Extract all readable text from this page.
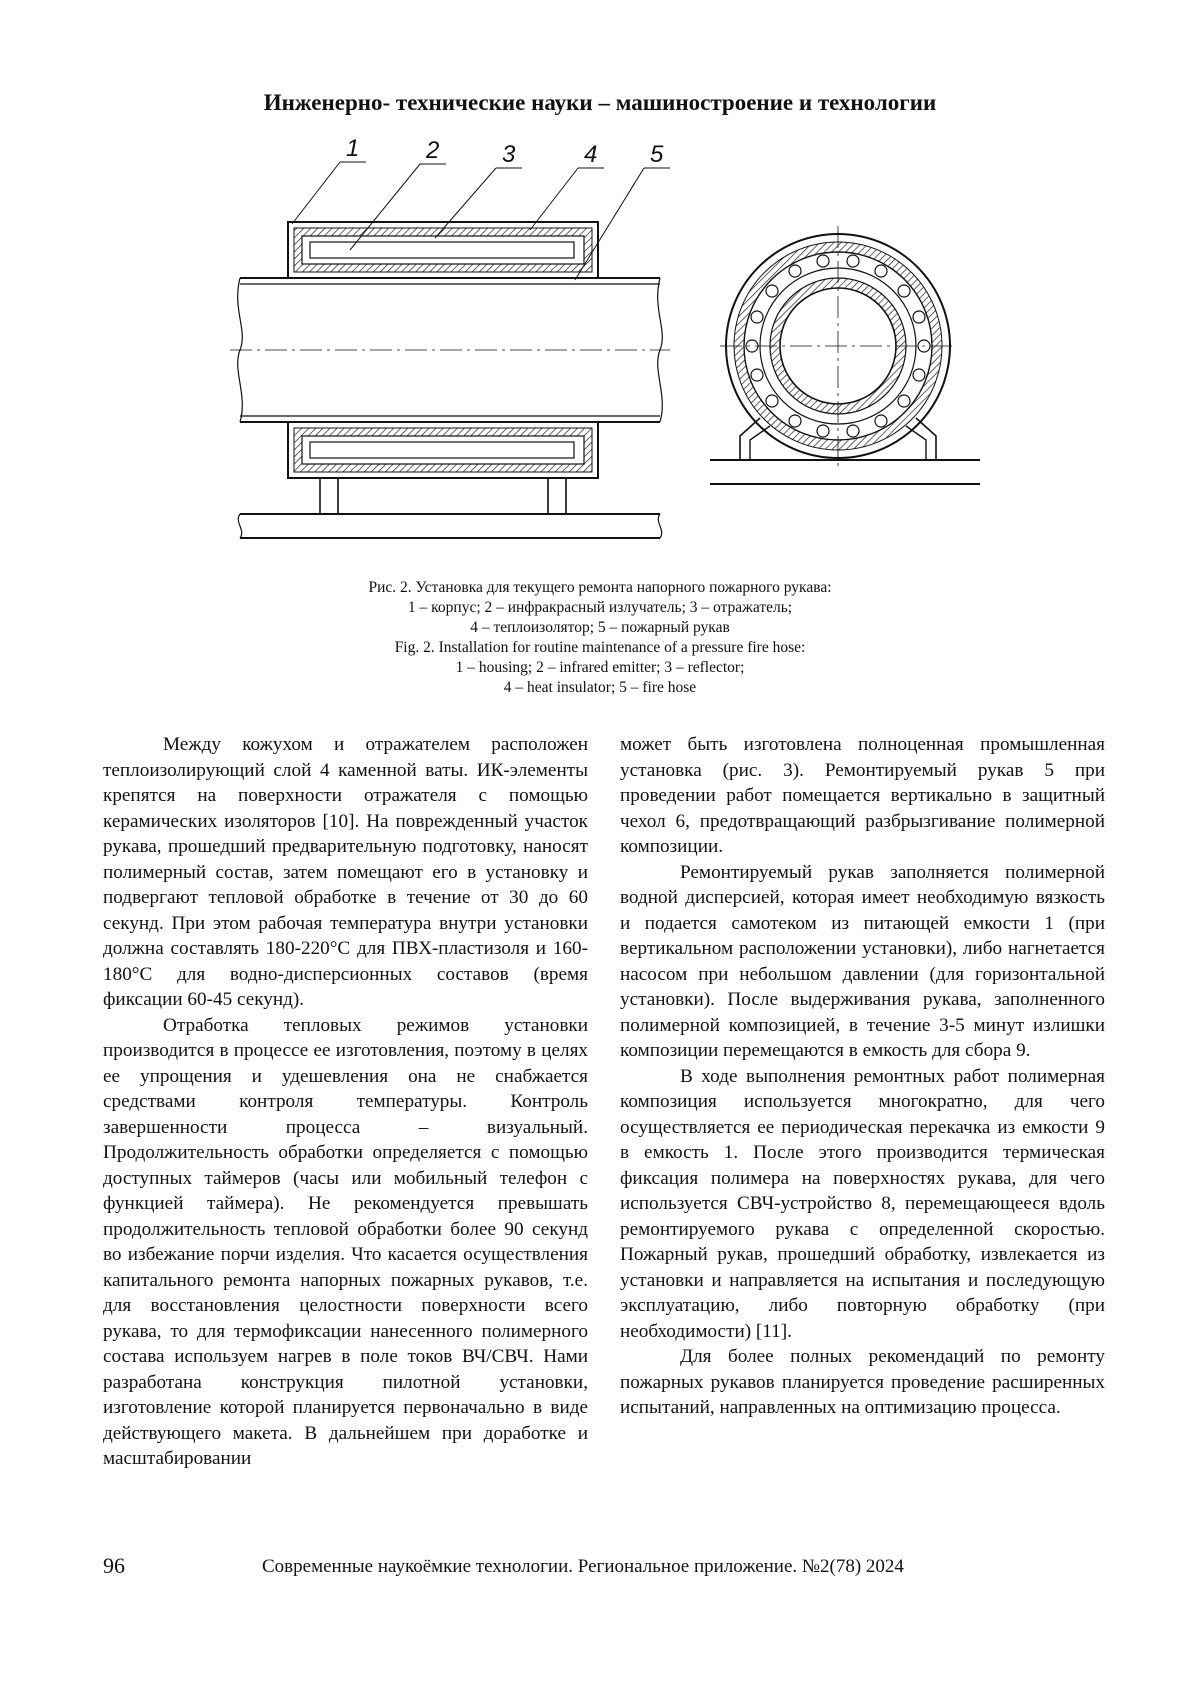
Инженерно- технические науки – машиностроение и технологии
1	2	3	4 5
Рис. 2. Установка для текущего ремонта напорного пожарного рукава:
1 – корпус; 2 – инфракрасный излучатель; 3 – отражатель;
4 – теплоизолятор; 5 – пожарный рукав
Fig. 2. Installation for routine maintenance of a pressure fire hose:
1 – housing; 2 – infrared emitter; 3 – reflector;
4 – heat insulator; 5 – fire hose

Между кожухом и отражателем расположен теплоизолирующий слой 4 каменной ваты. ИК-элементы крепятся на поверхности отражателя с помощью керамических изоляторов [10]. На поврежденный участок рукава, прошедший предварительную подготовку, наносят полимерный состав, затем помещают его в установку и подвергают тепловой обработке в течение от 30 до 60 секунд. При этом рабочая температура внутри установки должна составлять 180-220°C для ПВХ-пластизоля и 160-180°C для водно-дисперсионных составов (время фиксации 60-45 секунд).

Отработка тепловых режимов установки производится в процессе ее изготовления, поэтому в целях ее упрощения и удешевления она не снабжается средствами контроля температуры. Контроль завершенности процесса – визуальный. Продолжительность обработки определяется с помощью доступных таймеров (часы или мобильный телефон с функцией таймера). Не рекомендуется превышать продолжительность тепловой обработки более 90 секунд во избежание порчи изделия. Что касается осуществления капитального ремонта напорных пожарных рукавов, т.е. для восстановления целостности поверхности всего рукава, то для термофиксации нанесенного полимерного состава используем нагрев в поле токов ВЧ/СВЧ. Нами разработана конструкция пилотной установки, изготовление которой планируется первоначально в виде действующего макета. В дальнейшем при доработке и масштабировании

может быть изготовлена полноценная промышленная установка (рис. 3). Ремонтируемый рукав 5 при проведении работ помещается вертикально в защитный чехол 6, предотвращающий разбрызгивание полимерной композиции.

Ремонтируемый рукав заполняется полимерной водной дисперсией, которая имеет необходимую вязкость и подается самотеком из питающей емкости 1 (при вертикальном расположении установки), либо нагнетается насосом при небольшом давлении (для горизонтальной установки). После выдерживания рукава, заполненного полимерной композицией, в течение 3-5 минут излишки композиции перемещаются в емкость для сбора 9.

В ходе выполнения ремонтных работ полимерная композиция используется многократно, для чего осуществляется ее периодическая перекачка из емкости 9 в емкость 1. После этого производится термическая фиксация полимера на поверхностях рукава, для чего используется СВЧ-устройство 8, перемещающееся вдоль ремонтируемого рукава с определенной скоростью. Пожарный рукав, прошедший обработку, извлекается из установки и направляется на испытания и последующую эксплуатацию, либо повторную обработку (при необходимости) [11].

Для более полных рекомендаций по ремонту пожарных рукавов планируется проведение расширенных испытаний, направленных на оптимизацию процесса.

96	Современные наукоёмкие технологии. Региональное приложение. №2(78) 2024
